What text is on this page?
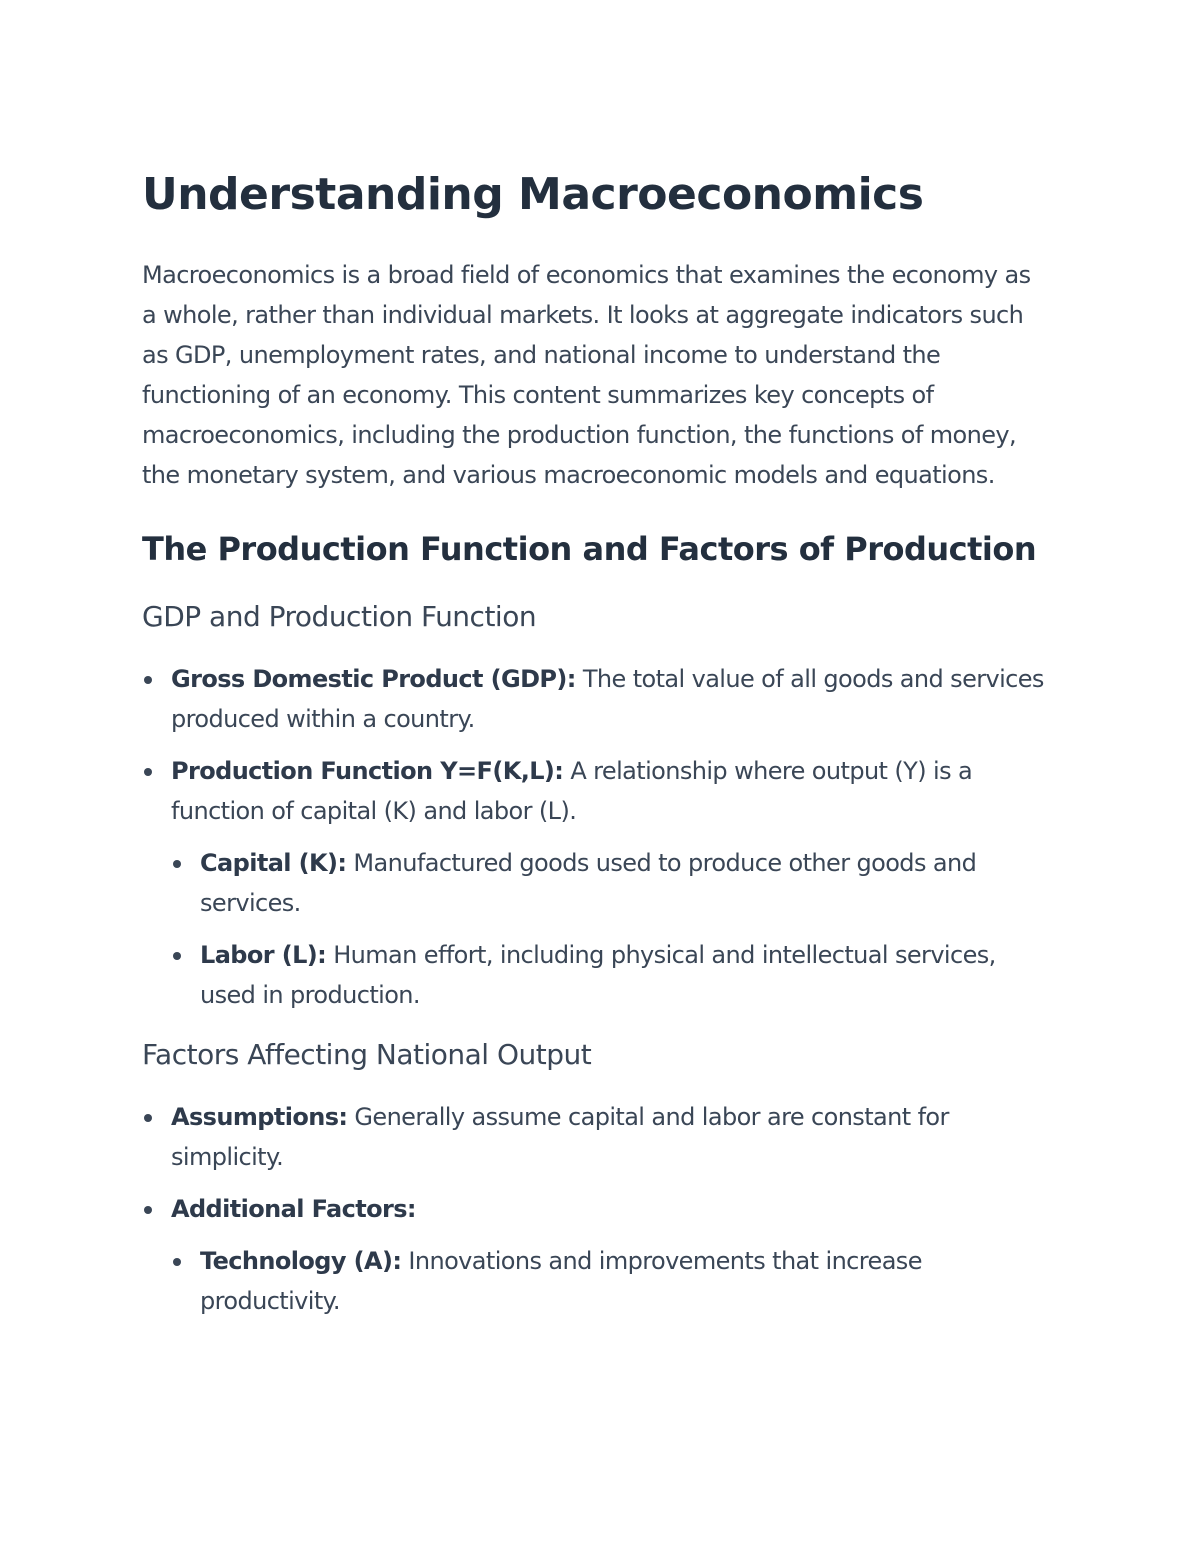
Understanding Macroeconomics

Macroeconomics is a broad field of economics that examines the economy as a whole, rather than individual markets. It looks at aggregate indicators such as GDP, unemployment rates, and national income to understand the functioning of an economy. This content summarizes key concepts of macroeconomics, including the production function, the functions of money, the monetary system, and various macroeconomic models and equations.

The Production Function and Factors of Production
GDP and Production Function
Gross Domestic Product (GDP): The total value of all goods and services produced within a country.
Production Function Y=F(K,L): A relationship where output (Y) is a function of capital (K) and labor (L).
Capital (K): Manufactured goods used to produce other goods and services.
Labor (L): Human effort, including physical and intellectual services, used in production.
Factors Affecting National Output
Assumptions: Generally assume capital and labor are constant for simplicity.
Additional Factors:
Technology (A): Innovations and improvements that increase productivity.
